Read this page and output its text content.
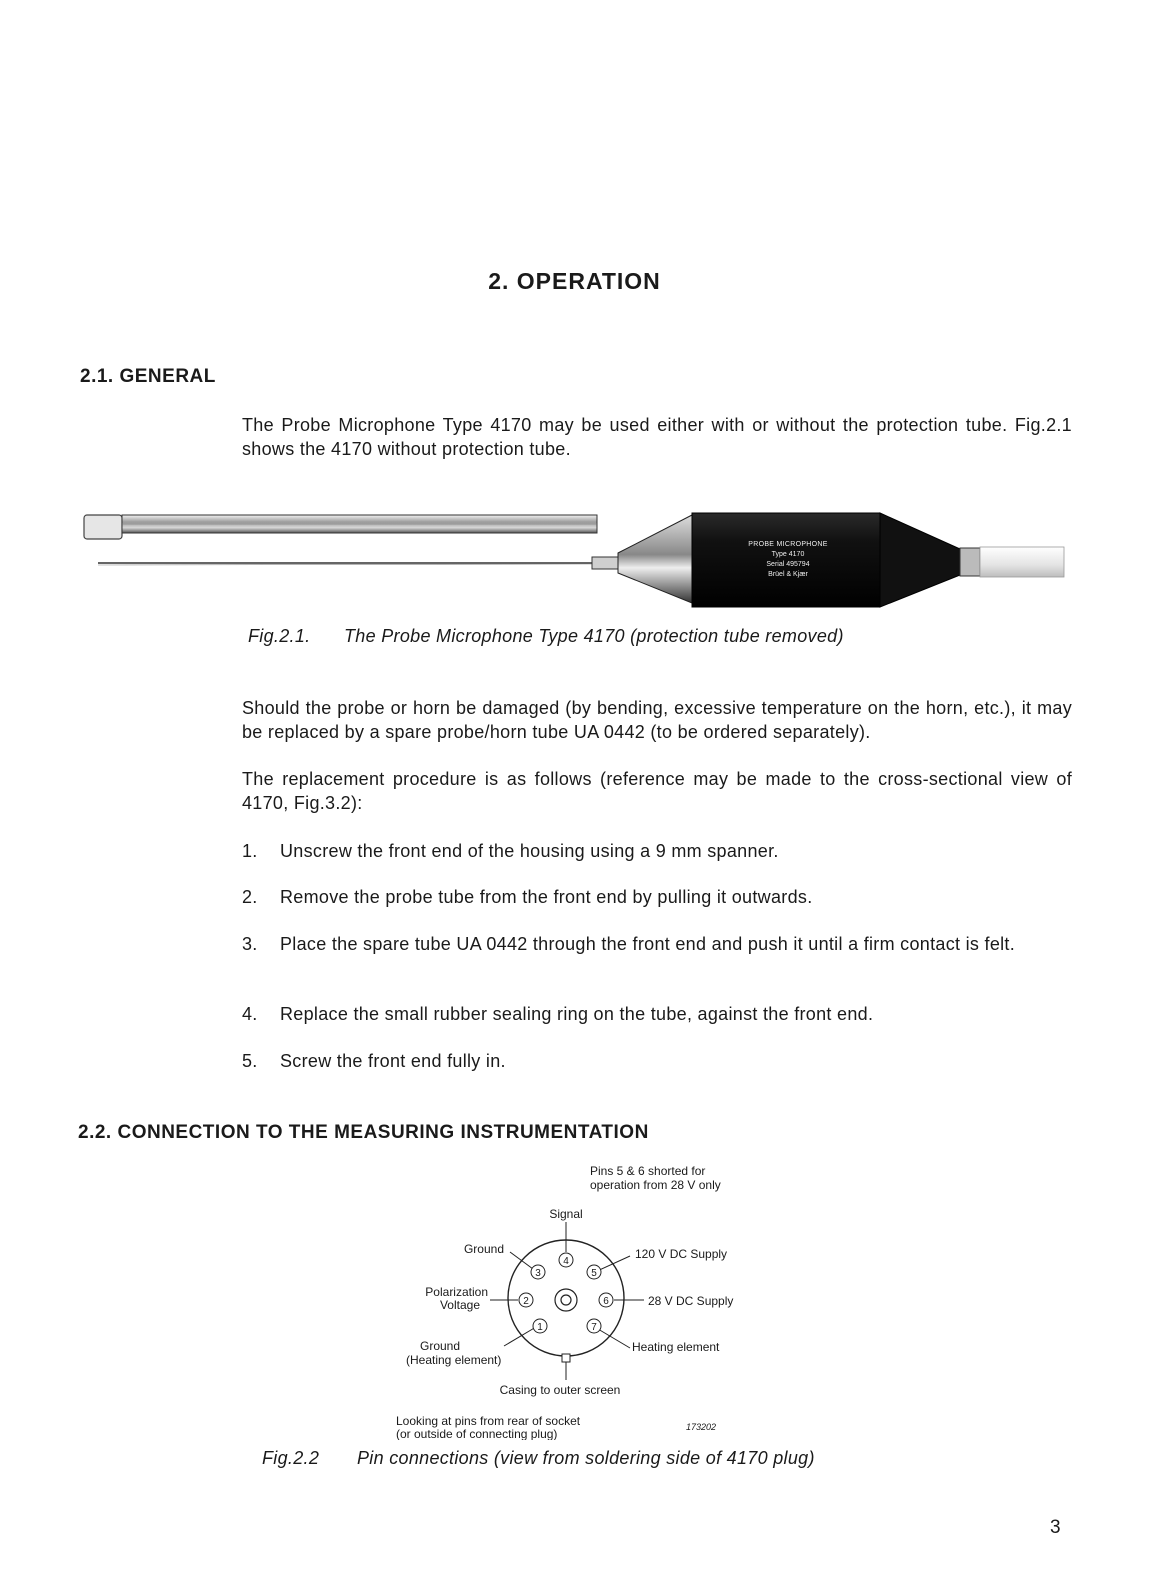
2. OPERATION
2.1. GENERAL
The Probe Microphone Type 4170 may be used either with or without the protection tube. Fig.2.1 shows the 4170 without protection tube.
PROBE MICROPHONE
Type 4170
Serial 495794
Brüel & Kjær
Fig.2.1. The Probe Microphone Type 4170 (protection tube removed)
Should the probe or horn be damaged (by bending, excessive temperature on the horn, etc.), it may be replaced by a spare probe/horn tube UA 0442 (to be ordered separately).
The replacement procedure is as follows (reference may be made to the cross-sectional view of 4170, Fig.3.2):
1. Unscrew the front end of the housing using a 9 mm spanner.
2. Remove the probe tube from the front end by pulling it outwards.
3. Place the spare tube UA 0442 through the front end and push it until a firm contact is felt.
4. Replace the small rubber sealing ring on the tube, against the front end.
5. Screw the front end fully in.
2.2. CONNECTION TO THE MEASURING INSTRUMENTATION
3
4
5
2	6
1	7
Pins 5 & 6 shorted for
operation from 28 V only
Signal
Ground
Polarization
Voltage
Ground
(Heating element)
120 V DC Supply
28 V DC Supply
Heating element
Casing to outer screen
Looking at pins from rear of socket
(or outside of connecting plug)	173202
Fig.2.2 Pin connections (view from soldering side of 4170 plug)
3
